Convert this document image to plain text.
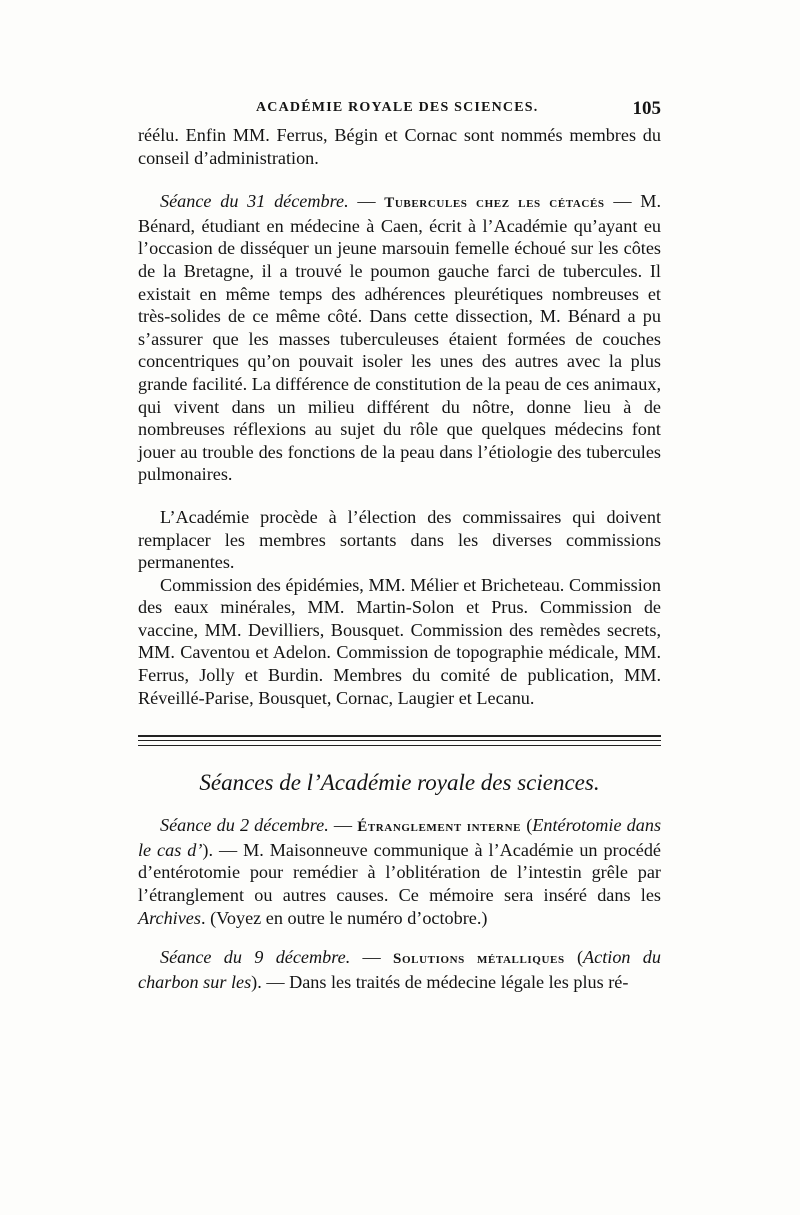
ACADÉMIE ROYALE DES SCIENCES.	105

réélu. Enfin MM. Ferrus, Bégin et Cornac sont nommés membres du conseil d’administration.

Séance du 31 décembre. — Tubercules chez les cétacés — M. Bénard, étudiant en médecine à Caen, écrit à l’Académie qu’ayant eu l’occasion de disséquer un jeune marsouin femelle échoué sur les côtes de la Bretagne, il a trouvé le poumon gauche farci de tubercules. Il existait en même temps des adhérences pleurétiques nombreuses et très-solides de ce même côté. Dans cette dissection, M. Bénard a pu s’assurer que les masses tuberculeuses étaient formées de couches concentriques qu’on pouvait isoler les unes des autres avec la plus grande facilité. La différence de constitution de la peau de ces animaux, qui vivent dans un milieu différent du nôtre, donne lieu à de nombreuses réflexions au sujet du rôle que quelques médecins font jouer au trouble des fonctions de la peau dans l’étiologie des tubercules pulmonaires.

L’Académie procède à l’élection des commissaires qui doivent remplacer les membres sortants dans les diverses commissions permanentes.

Commission des épidémies, MM. Mélier et Bricheteau. Commission des eaux minérales, MM. Martin-Solon et Prus. Commission de vaccine, MM. Devilliers, Bousquet. Commission des remèdes secrets, MM. Caventou et Adelon. Commission de topographie médicale, MM. Ferrus, Jolly et Burdin. Membres du comité de publication, MM. Réveillé-Parise, Bousquet, Cornac, Laugier et Lecanu.

Séances de l’Académie royale des sciences.

Séance du 2 décembre. — Étranglement interne (Entérotomie dans le cas d’). — M. Maisonneuve communique à l’Académie un procédé d’entérotomie pour remédier à l’oblitération de l’intestin grêle par l’étranglement ou autres causes. Ce mémoire sera inséré dans les Archives. (Voyez en outre le numéro d’octobre.)

Séance du 9 décembre. — Solutions métalliques (Action du charbon sur les). — Dans les traités de médecine légale les plus ré-
